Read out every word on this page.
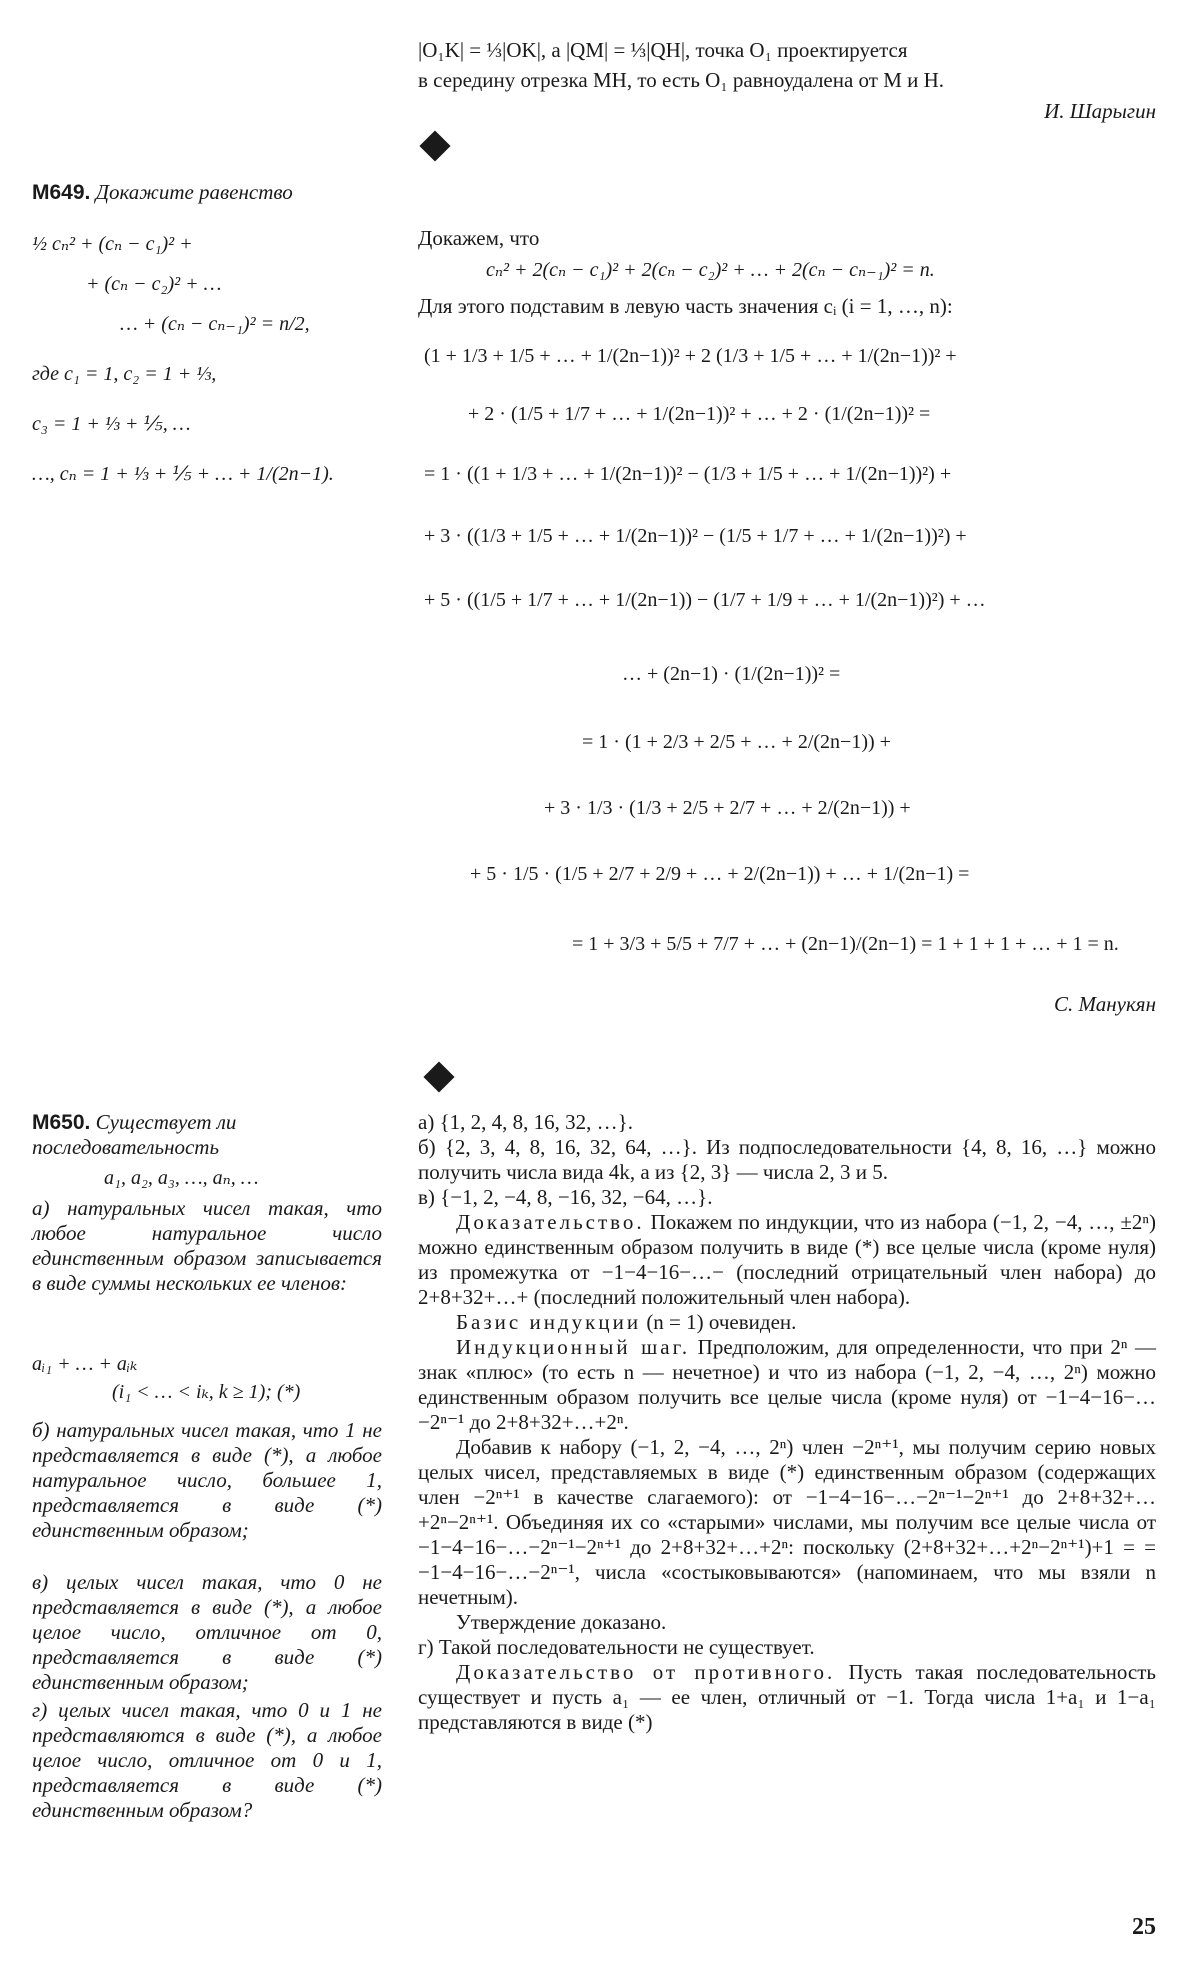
|O₁K| = ⅓|OK|, а |QM| = ⅓|QH|, точка O₁ проектируется
в середину отрезка MH, то есть O₁ равноудалена от M и H.
И. Шарыгин
М649. Докажите равенство
½ cₙ² + (cₙ − c₁)² +
+ (cₙ − c₂)² + …
… + (cₙ − cₙ₋₁)² = n/2,
где c₁ = 1, c₂ = 1 + ⅓,
c₃ = 1 + ⅓ + ⅕, …
…, cₙ = 1 + ⅓ + ⅕ + … + 1/(2n−1).
Докажем, что
cₙ² + 2(cₙ − c₁)² + 2(cₙ − c₂)² + … + 2(cₙ − cₙ₋₁)² = n.
Для этого подставим в левую часть значения cᵢ (i = 1, …, n):
(1 + 1/3 + 1/5 + … + 1/(2n−1))² + 2 (1/3 + 1/5 + … + 1/(2n−1))² +
+ 2 · (1/5 + 1/7 + … + 1/(2n−1))² + … + 2 · (1/(2n−1))² =
= 1 · ((1 + 1/3 + … + 1/(2n−1))² − (1/3 + 1/5 + … + 1/(2n−1))²) +
+ 3 · ((1/3 + 1/5 + … + 1/(2n−1))² − (1/5 + 1/7 + … + 1/(2n−1))²) +
+ 5 · ((1/5 + 1/7 + … + 1/(2n−1)) − (1/7 + 1/9 + … + 1/(2n−1))²) + …
… + (2n−1) · (1/(2n−1))² =
= 1 · (1 + 2/3 + 2/5 + … + 2/(2n−1)) +
+ 3 · 1/3 · (1/3 + 2/5 + 2/7 + … + 2/(2n−1)) +
+ 5 · 1/5 · (1/5 + 2/7 + 2/9 + … + 2/(2n−1)) + … + 1/(2n−1) =
= 1 + 3/3 + 5/5 + 7/7 + … + (2n−1)/(2n−1) = 1 + 1 + 1 + … + 1 = n.
С. Манукян
М650. Существует ли последовательность
a₁, a₂, a₃, …, aₙ, …
а) натуральных чисел такая, что любое натуральное число единственным образом записывается в виде суммы нескольких ее членов:
aᵢ₁ + … + aᵢₖ
(i₁ < … < iₖ, k ≥ 1); (*)
б) натуральных чисел такая, что 1 не представляется в виде (*), а любое натуральное число, большее 1, представляется в виде (*) единственным образом;
в) целых чисел такая, что 0 не представляется в виде (*), а любое целое число, отличное от 0, представляется в виде (*) единственным образом;
г) целых чисел такая, что 0 и 1 не представляются в виде (*), а любое целое число, отличное от 0 и 1, представляется в виде (*) единственным образом?
а) {1, 2, 4, 8, 16, 32, …}.
б) {2, 3, 4, 8, 16, 32, 64, …}. Из подпоследовательности {4, 8, 16, …} можно получить числа вида 4k, а из {2, 3} — числа 2, 3 и 5.
в) {−1, 2, −4, 8, −16, 32, −64, …}.
Доказательство. Покажем по индукции, что из набора (−1, 2, −4, …, ±2ⁿ) можно единственным образом получить в виде (*) все целые числа (кроме нуля) из промежутка от −1−4−16−…− (последний отрицательный член набора) до 2+8+32+…+ (последний положительный член набора).
Базис индукции (n = 1) очевиден.
Индукционный шаг. Предположим, для определенности, что при 2ⁿ — знак «плюс» (то есть n — нечетное) и что из набора (−1, 2, −4, …, 2ⁿ) можно единственным образом получить все целые числа (кроме нуля) от −1−4−16−…−2ⁿ⁻¹ до 2+8+32+…+2ⁿ.
Добавив к набору (−1, 2, −4, …, 2ⁿ) член −2ⁿ⁺¹, мы получим серию новых целых чисел, представляемых в виде (*) единственным образом (содержащих член −2ⁿ⁺¹ в качестве слагаемого): от −1−4−16−…−2ⁿ⁻¹−2ⁿ⁺¹ до 2+8+32+…+2ⁿ−2ⁿ⁺¹. Объединяя их со «старыми» числами, мы получим все целые числа от −1−4−16−…−2ⁿ⁻¹−2ⁿ⁺¹ до 2+8+32+…+2ⁿ: поскольку (2+8+32+…+2ⁿ−2ⁿ⁺¹)+1 = = −1−4−16−…−2ⁿ⁻¹, числа «состыковываются» (напоминаем, что мы взяли n нечетным).
Утверждение доказано.
г) Такой последовательности не существует.
Доказательство от противного. Пусть такая последовательность существует и пусть a₁ — ее член, отличный от −1. Тогда числа 1+a₁ и 1−a₁ представляются в виде (*)
25
